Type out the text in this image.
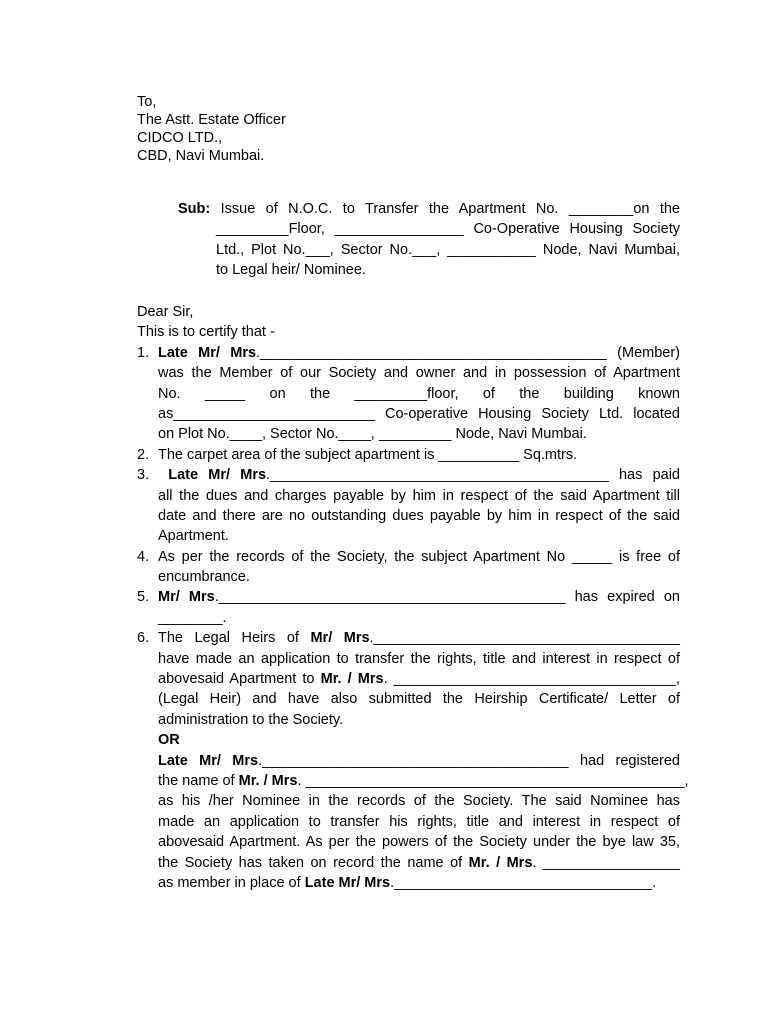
To,
The Astt. Estate Officer
CIDCO LTD.,
CBD, Navi Mumbai.
Sub: Issue of N.O.C. to Transfer the Apartment No. ________on the
_________Floor, ________________ Co-Operative Housing Society
Ltd., Plot No.___, Sector No.___, ___________ Node, Navi Mumbai,
to Legal heir/ Nominee.
Dear Sir,
This is to certify that -
1. Late Mr/ Mrs.___________________________________________ (Member)
was the Member of our Society and owner and in possession of Apartment
No. _____ on the _________floor, of the building known
as_________________________ Co-operative Housing Society Ltd. located
on Plot No.____, Sector No.____, _________ Node, Navi Mumbai.
2. The carpet area of the subject apartment is __________ Sq.mtrs.
3. Late Mr/ Mrs.__________________________________________ has paid
all the dues and charges payable by him in respect of the said Apartment till
date and there are no outstanding dues payable by him in respect of the said
Apartment.
4. As per the records of the Society, the subject Apartment No _____ is free of
encumbrance.
5. Mr/ Mrs.___________________________________________ has expired on
________.
6. The Legal Heirs of Mr/ Mrs.______________________________________
have made an application to transfer the rights, title and interest in respect of
abovesaid Apartment to Mr. / Mrs. ___________________________________,
(Legal Heir) and have also submitted the Heirship Certificate/ Letter of
administration to the Society.
OR
Late Mr/ Mrs.______________________________________ had registered
the name of Mr. / Mrs. _______________________________________________,
as his /her Nominee in the records of the Society. The said Nominee has
made an application to transfer his rights, title and interest in respect of
abovesaid Apartment. As per the powers of the Society under the bye law 35,
the Society has taken on record the name of Mr. / Mrs. _________________
as member in place of Late Mr/ Mrs.________________________________.
